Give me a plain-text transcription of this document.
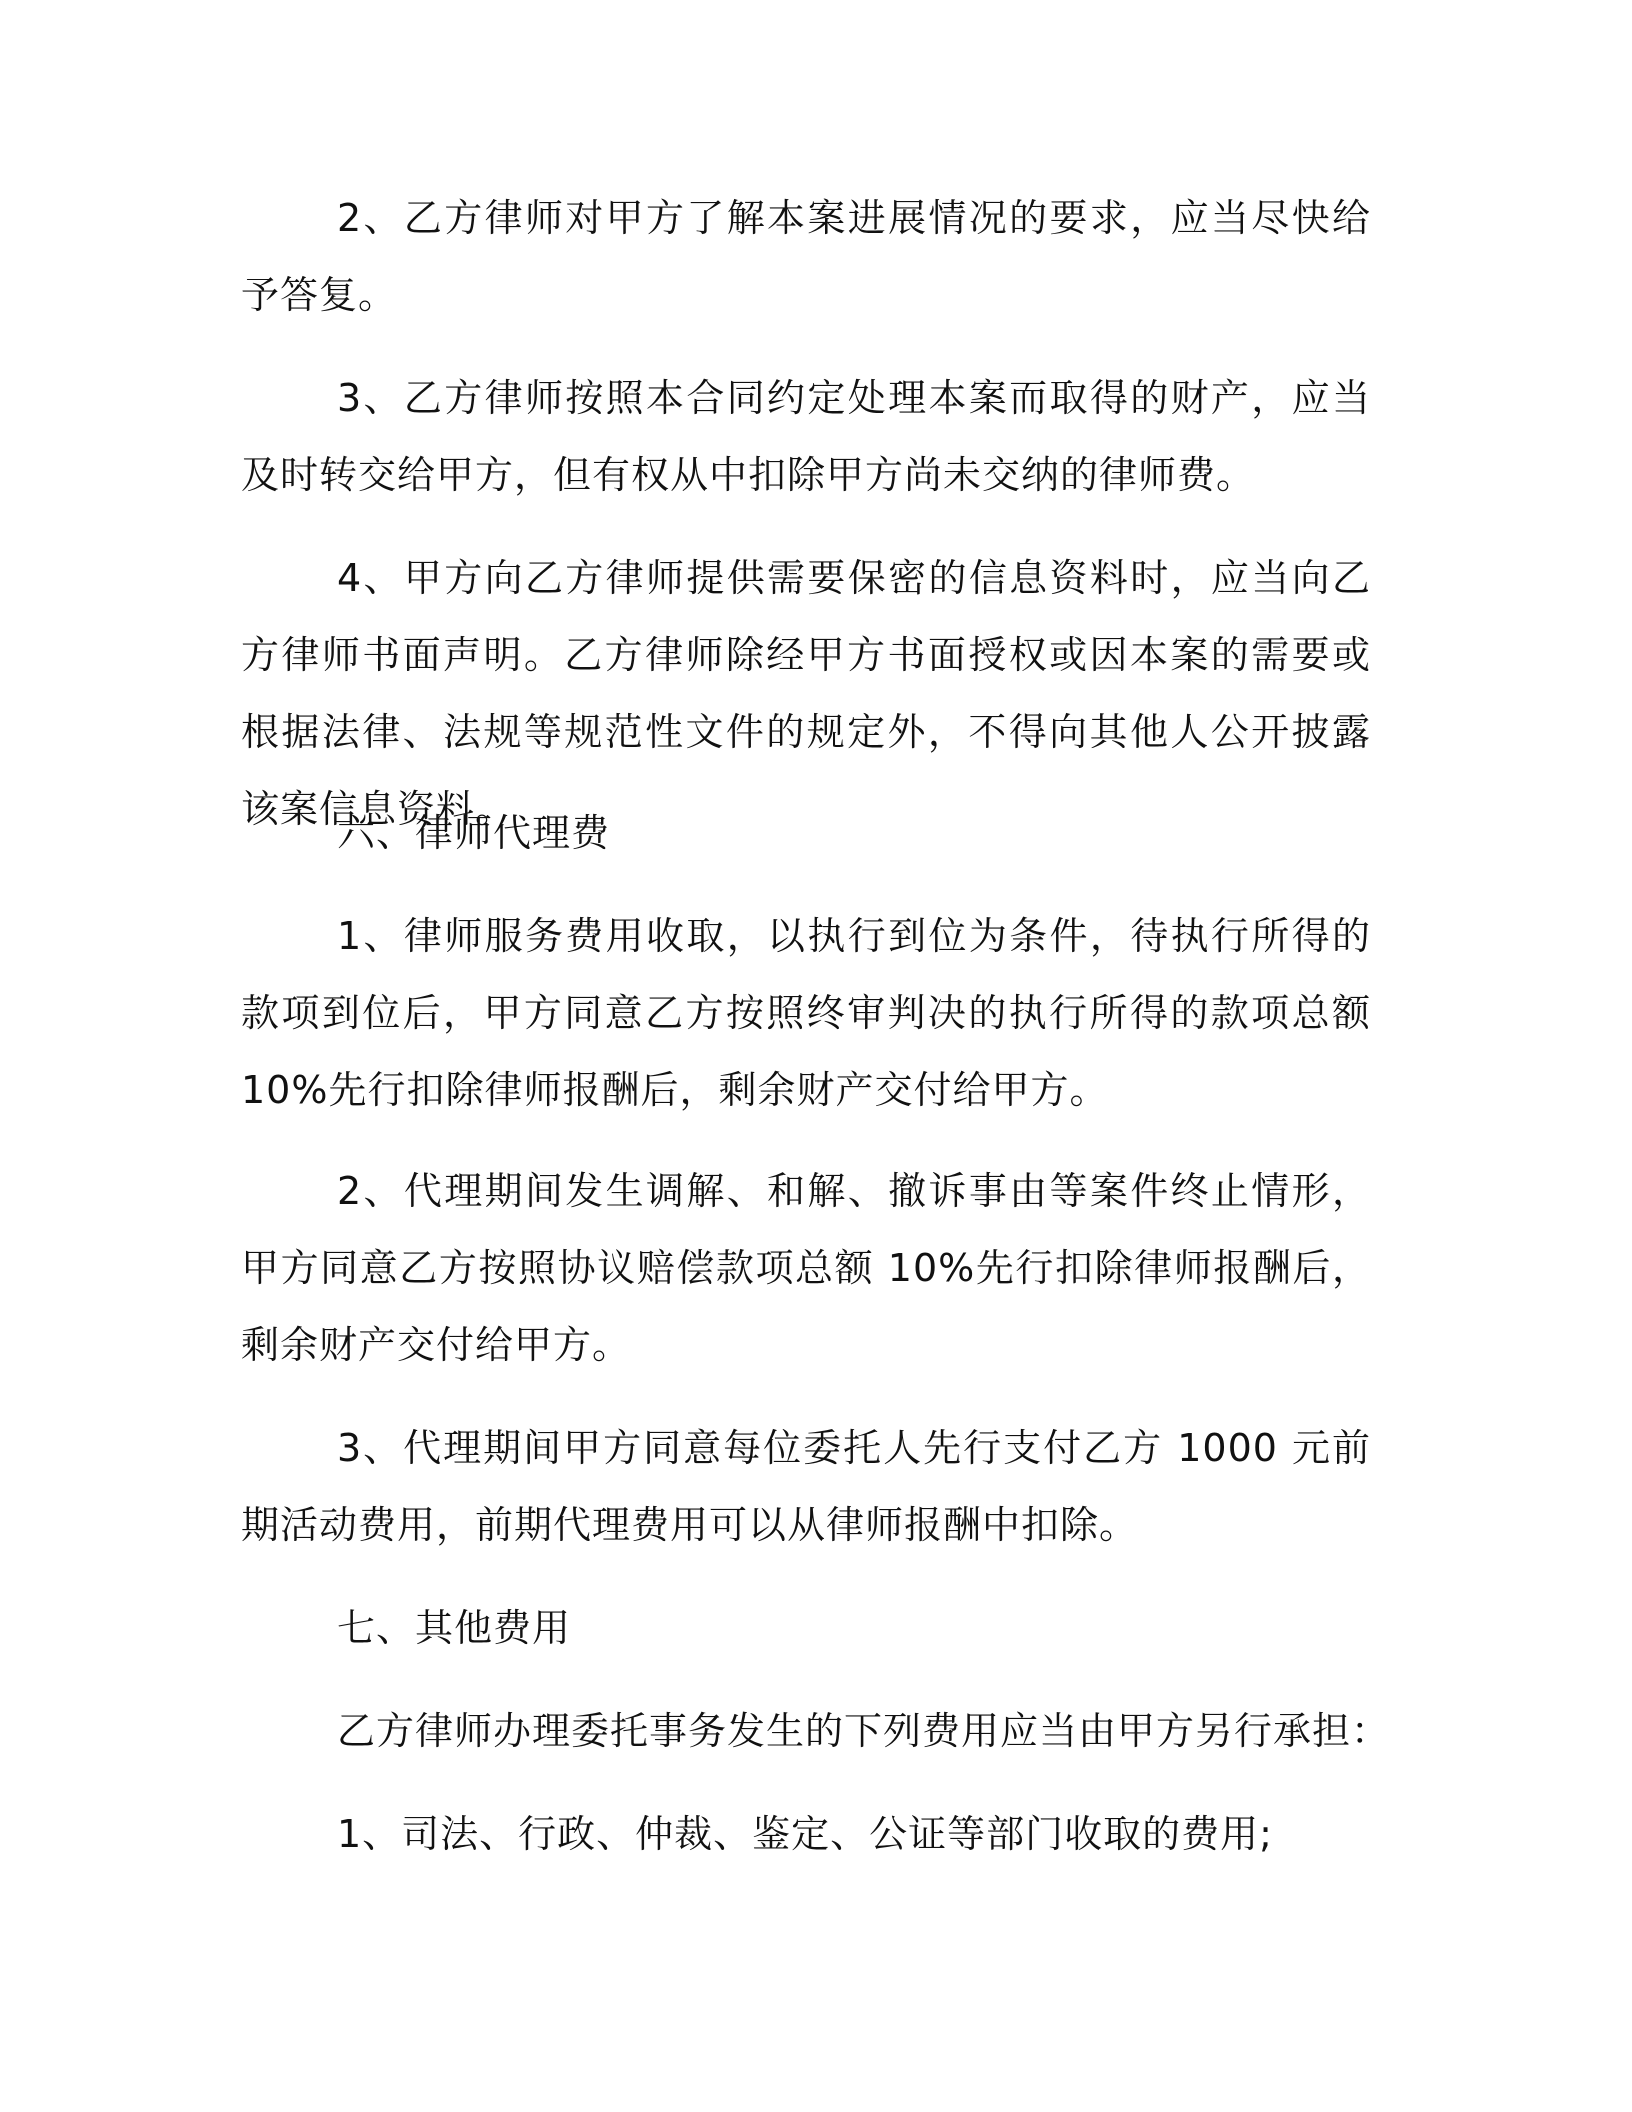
2、乙方律师对甲方了解本案进展情况的要求，应当尽快给予答复。

3、乙方律师按照本合同约定处理本案而取得的财产，应当及时转交给甲方，但有权从中扣除甲方尚未交纳的律师费。

4、甲方向乙方律师提供需要保密的信息资料时，应当向乙方律师书面声明。乙方律师除经甲方书面授权或因本案的需要或根据法律、法规等规范性文件的规定外，不得向其他人公开披露该案信息资料。

六、律师代理费

1、律师服务费用收取，以执行到位为条件，待执行所得的款项到位后，甲方同意乙方按照终审判决的执行所得的款项总额 10%先行扣除律师报酬后，剩余财产交付给甲方。

2、代理期间发生调解、和解、撤诉事由等案件终止情形，甲方同意乙方按照协议赔偿款项总额 10%先行扣除律师报酬后，剩余财产交付给甲方。

3、代理期间甲方同意每位委托人先行支付乙方 1000 元前期活动费用，前期代理费用可以从律师报酬中扣除。

七、其他费用

乙方律师办理委托事务发生的下列费用应当由甲方另行承担：

1、司法、行政、仲裁、鉴定、公证等部门收取的费用;
